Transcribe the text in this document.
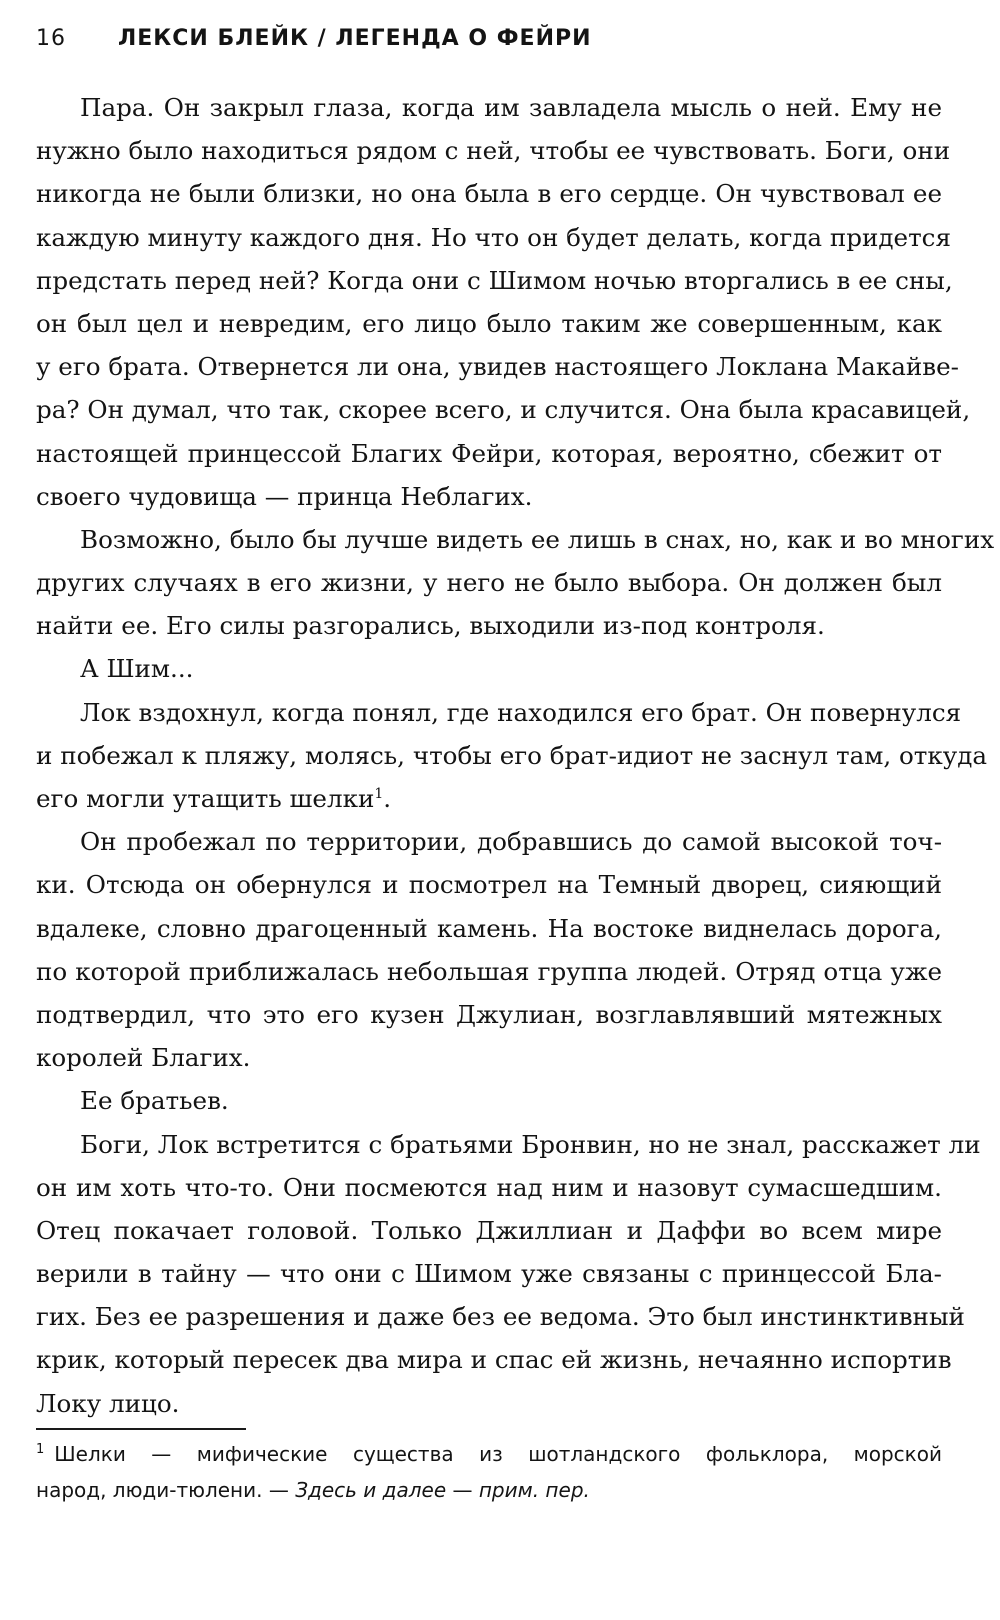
16 ЛЕКСИ БЛЕЙК / ЛЕГЕНДА О ФЕЙРИ
Пара. Он закрыл глаза, когда им завладела мысль о ней. Ему не
нужно было находиться рядом с ней, чтобы ее чувствовать. Боги, они
никогда не были близки, но она была в его сердце. Он чувствовал ее
каждую минуту каждого дня. Но что он будет делать, когда придется
предстать перед ней? Когда они с Шимом ночью вторгались в ее сны,
он был цел и невредим, его лицо было таким же совершенным, как
у его брата. Отвернется ли она, увидев настоящего Локлана Макайве-
ра? Он думал, что так, скорее всего, и случится. Она была красавицей,
настоящей принцессой Благих Фейри, которая, вероятно, сбежит от
своего чудовища — принца Неблагих.
Возможно, было бы лучше видеть ее лишь в снах, но, как и во многих
других случаях в его жизни, у него не было выбора. Он должен был
найти ее. Его силы разгорались, выходили из-под контроля.
А Шим...
Лок вздохнул, когда понял, где находился его брат. Он повернулся
и побежал к пляжу, молясь, чтобы его брат-идиот не заснул там, откуда
его могли утащить шелки$^1$.
Он пробежал по территории, добравшись до самой высокой точ-
ки. Отсюда он обернулся и посмотрел на Темный дворец, сияющий
вдалеке, словно драгоценный камень. На востоке виднелась дорога,
по которой приближалась небольшая группа людей. Отряд отца уже
подтвердил, что это его кузен Джулиан, возглавлявший мятежных
королей Благих.
Ее братьев.
Боги, Лок встретится с братьями Бронвин, но не знал, расскажет ли
он им хоть что-то. Они посмеются над ним и назовут сумасшедшим.
Отец покачает головой. Только Джиллиан и Даффи во всем мире
верили в тайну — что они с Шимом уже связаны с принцессой Бла-
гих. Без ее разрешения и даже без ее ведома. Это был инстинктивный
крик, который пересек два мира и спас ей жизнь, нечаянно испортив
Локу лицо.
$^1$ Шелки — мифические существа из шотландского фольклора, морской
народ, люди-тюлени. — Здесь и далее — прим. пер.
